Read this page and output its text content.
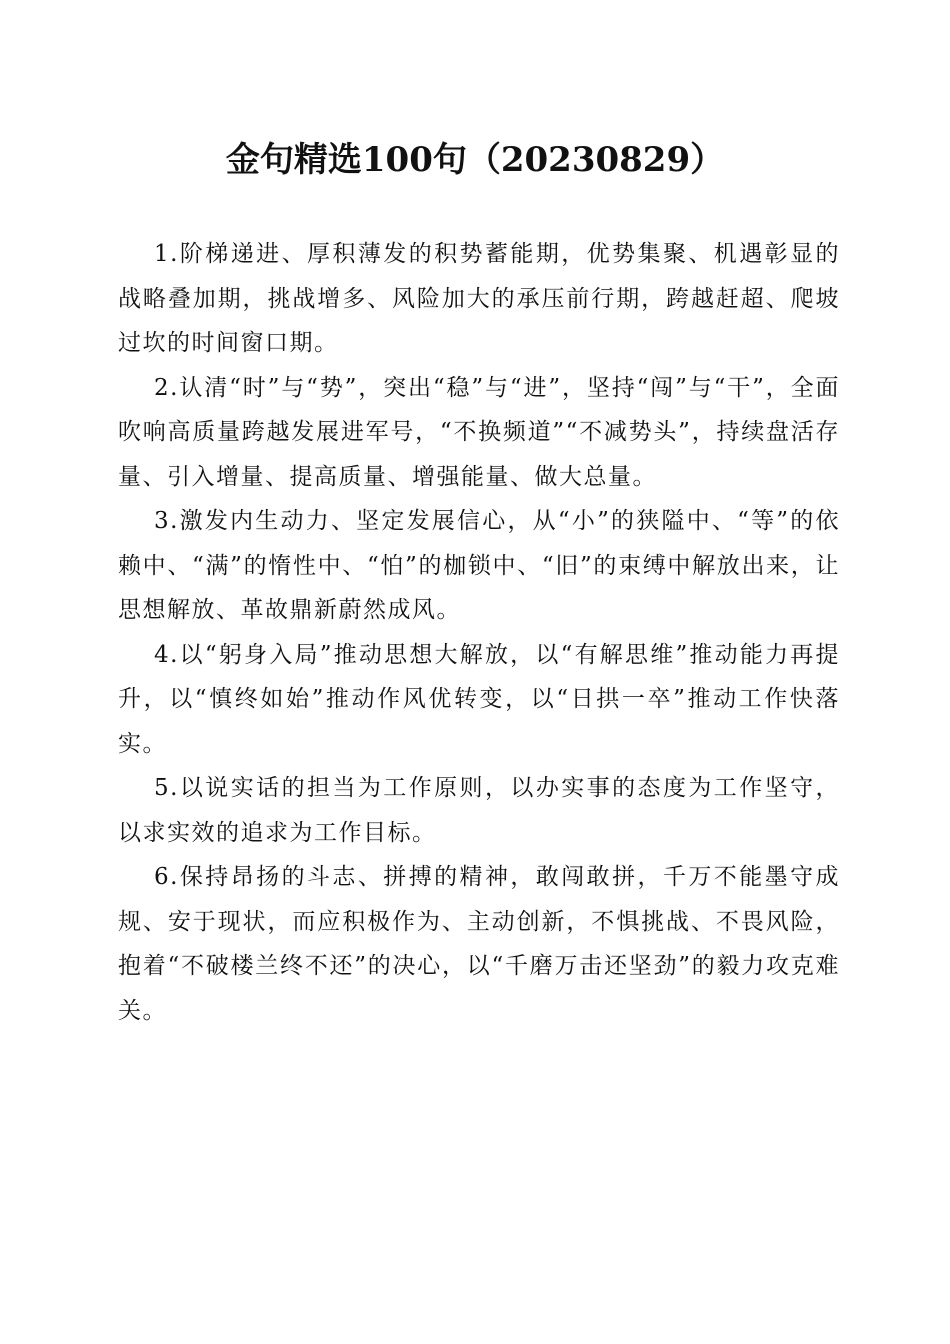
金句精选100句（20230829）

1.阶梯递进、厚积薄发的积势蓄能期，优势集聚、机遇彰显的战略叠加期，挑战增多、风险加大的承压前行期，跨越赶超、爬坡过坎的时间窗口期。

2.认清“时”与“势”，突出“稳”与“进”，坚持“闯”与“干”，全面吹响高质量跨越发展进军号，“不换频道”“不减势头”，持续盘活存量、引入增量、提高质量、增强能量、做大总量。

3.激发内生动力、坚定发展信心，从“小”的狭隘中、“等”的依赖中、“满”的惰性中、“怕”的枷锁中、“旧”的束缚中解放出来，让思想解放、革故鼎新蔚然成风。

4.以“躬身入局”推动思想大解放，以“有解思维”推动能力再提升，以“慎终如始”推动作风优转变，以“日拱一卒”推动工作快落实。

5.以说实话的担当为工作原则，以办实事的态度为工作坚守，以求实效的追求为工作目标。

6.保持昂扬的斗志、拼搏的精神，敢闯敢拼，千万不能墨守成规、安于现状，而应积极作为、主动创新，不惧挑战、不畏风险，抱着“不破楼兰终不还”的决心，以“千磨万击还坚劲”的毅力攻克难关。
